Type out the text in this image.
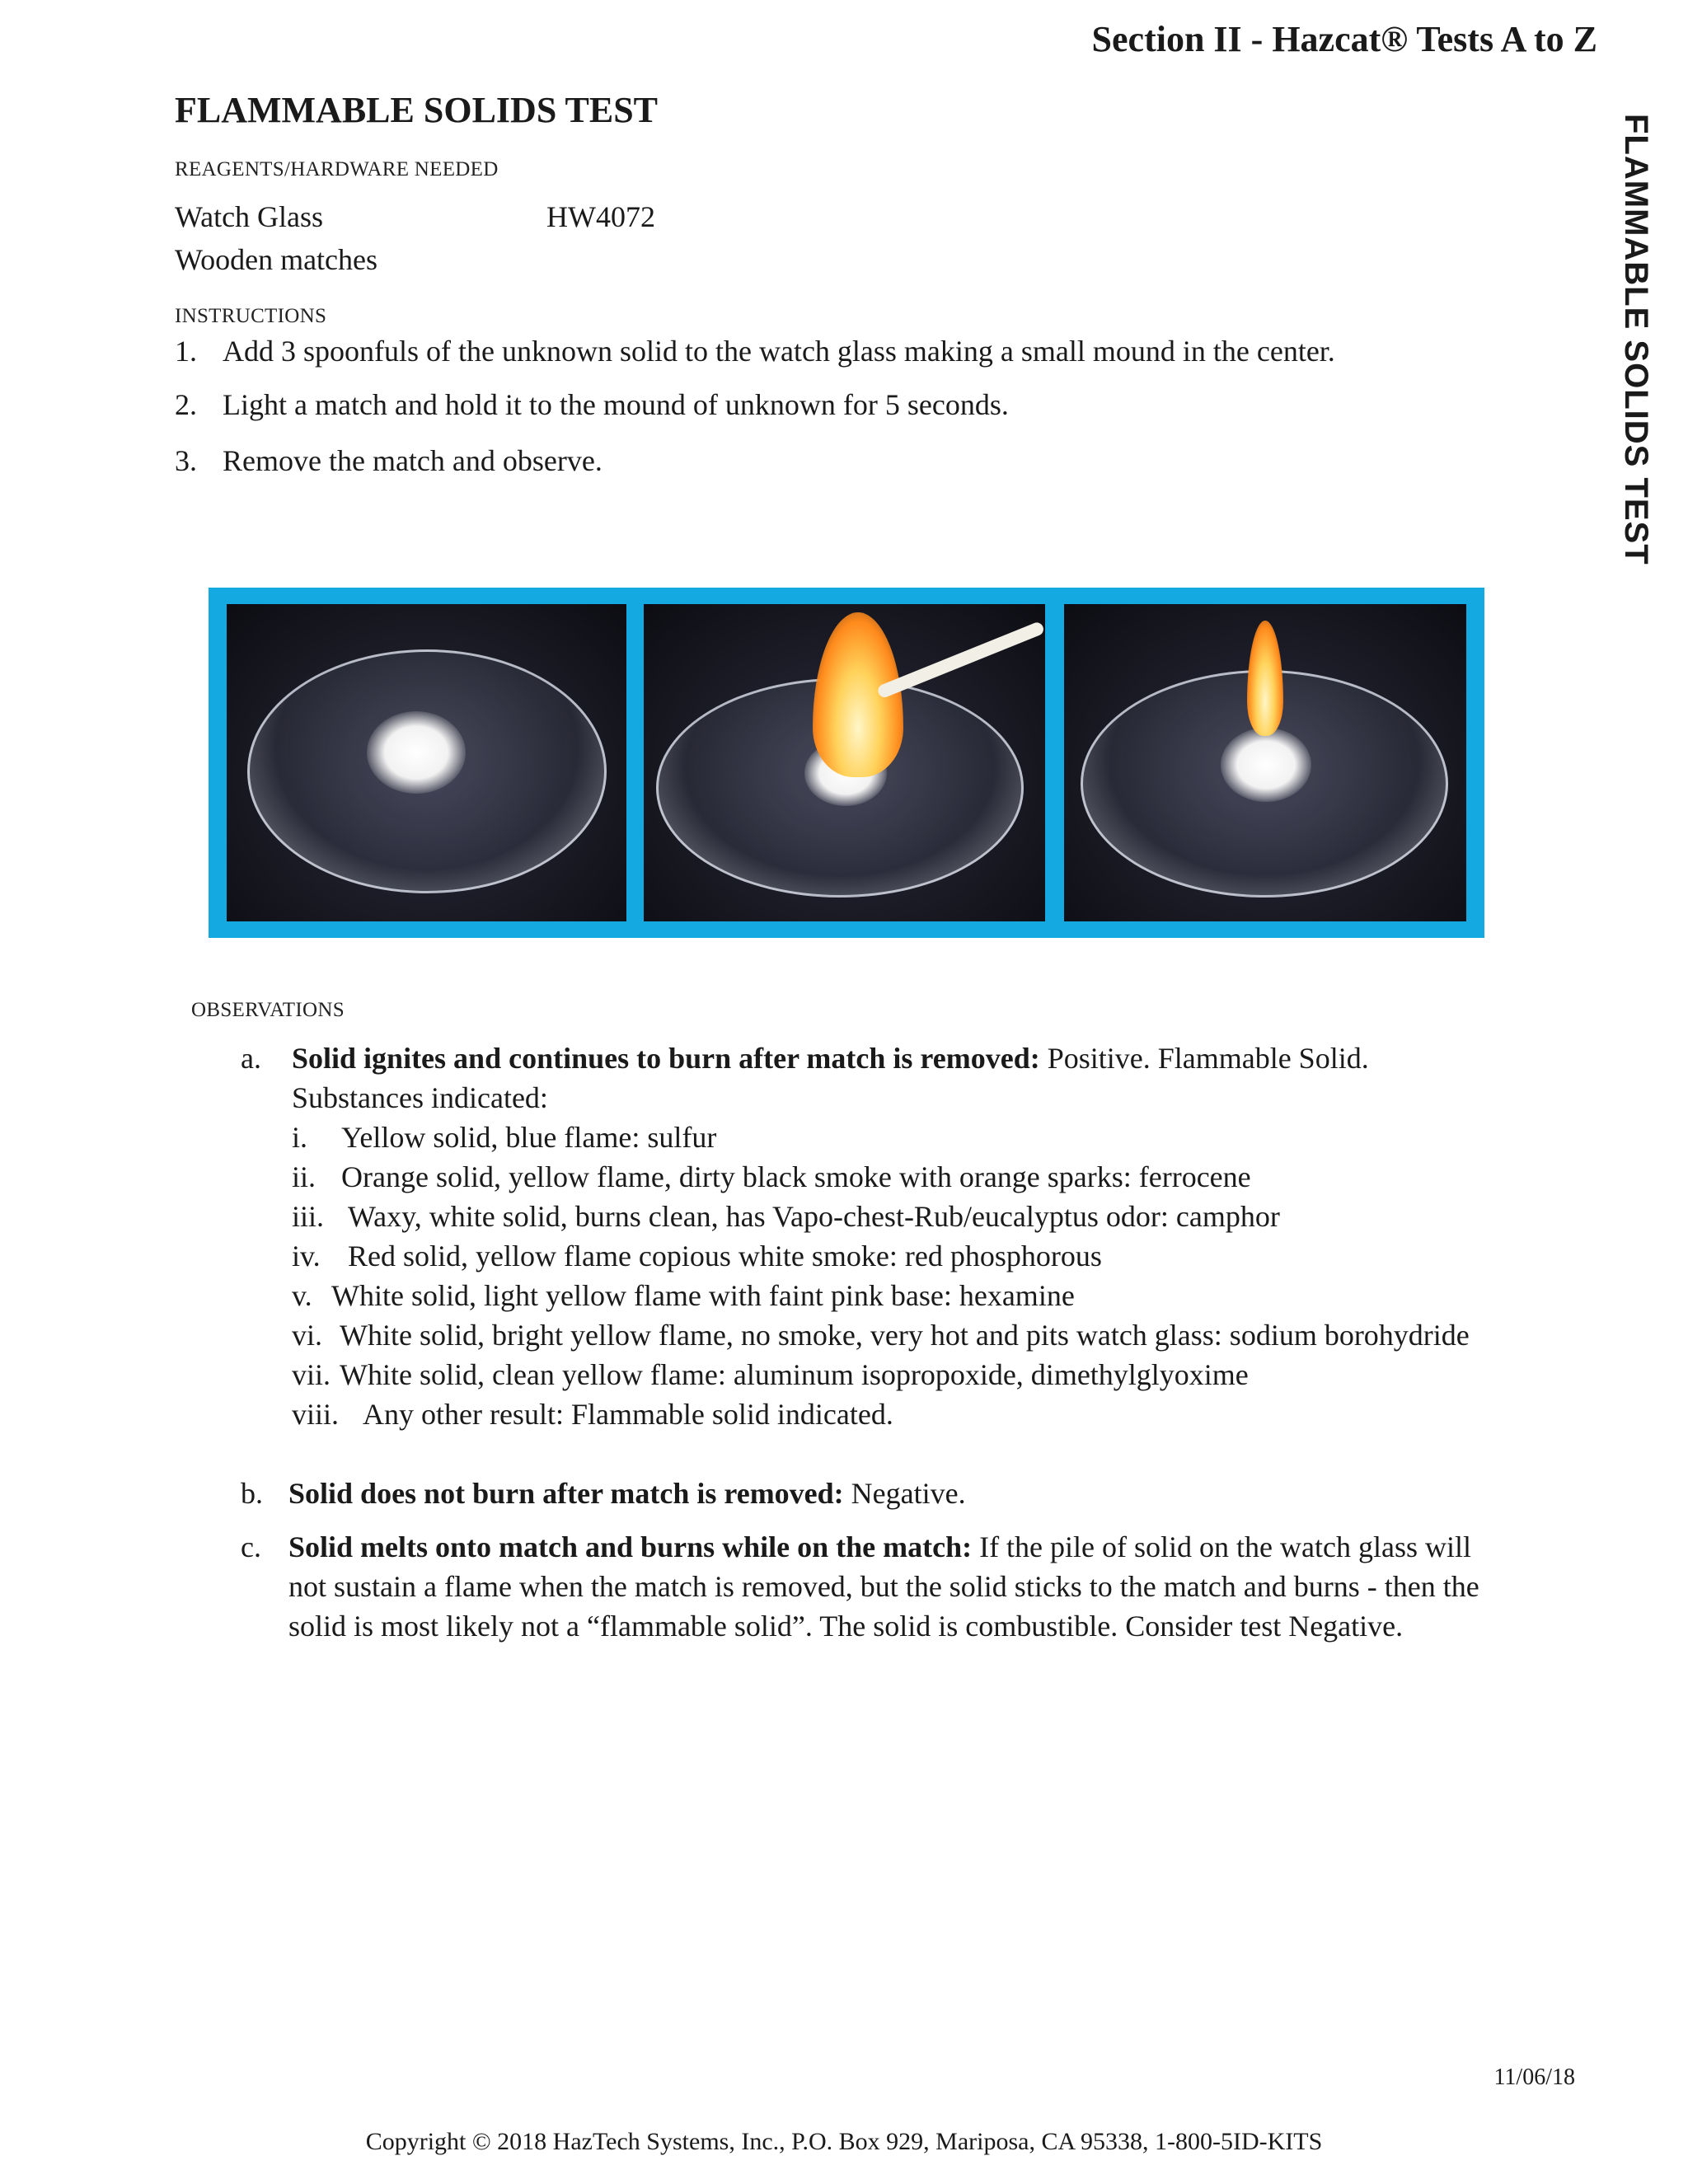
Section II - Hazcat® Tests A to Z
FLAMMABLE SOLIDS TEST
FLAMMABLE SOLIDS TEST
REAGENTS/HARDWARE NEEDED
Watch Glass	HW4072
Wooden matches
INSTRUCTIONS
1. Add 3 spoonfuls of the unknown solid to the watch glass making a small mound in the center.
2. Light a match and hold it to the mound of unknown for 5 seconds.
3. Remove the match and observe.
OBSERVATIONS
a. Solid ignites and continues to burn after match is removed: Positive. Flammable Solid.
Substances indicated:
i. Yellow solid, blue flame: sulfur
ii. Orange solid, yellow flame, dirty black smoke with orange sparks: ferrocene
iii. Waxy, white solid, burns clean, has Vapo-chest-Rub/eucalyptus odor: camphor
iv. Red solid, yellow flame copious white smoke: red phosphorous
v. White solid, light yellow flame with faint pink base: hexamine
vi. White solid, bright yellow flame, no smoke, very hot and pits watch glass: sodium borohydride
vii. White solid, clean yellow flame: aluminum isopropoxide, dimethylglyoxime
viii. Any other result: Flammable solid indicated.
b. Solid does not burn after match is removed: Negative.
c. Solid melts onto match and burns while on the match: If the pile of solid on the watch glass will
not sustain a flame when the match is removed, but the solid sticks to the match and burns - then the
solid is most likely not a “flammable solid”. The solid is combustible. Consider test Negative.
11/06/18
Copyright © 2018 HazTech Systems, Inc., P.O. Box 929, Mariposa, CA 95338, 1-800-5ID-KITS
